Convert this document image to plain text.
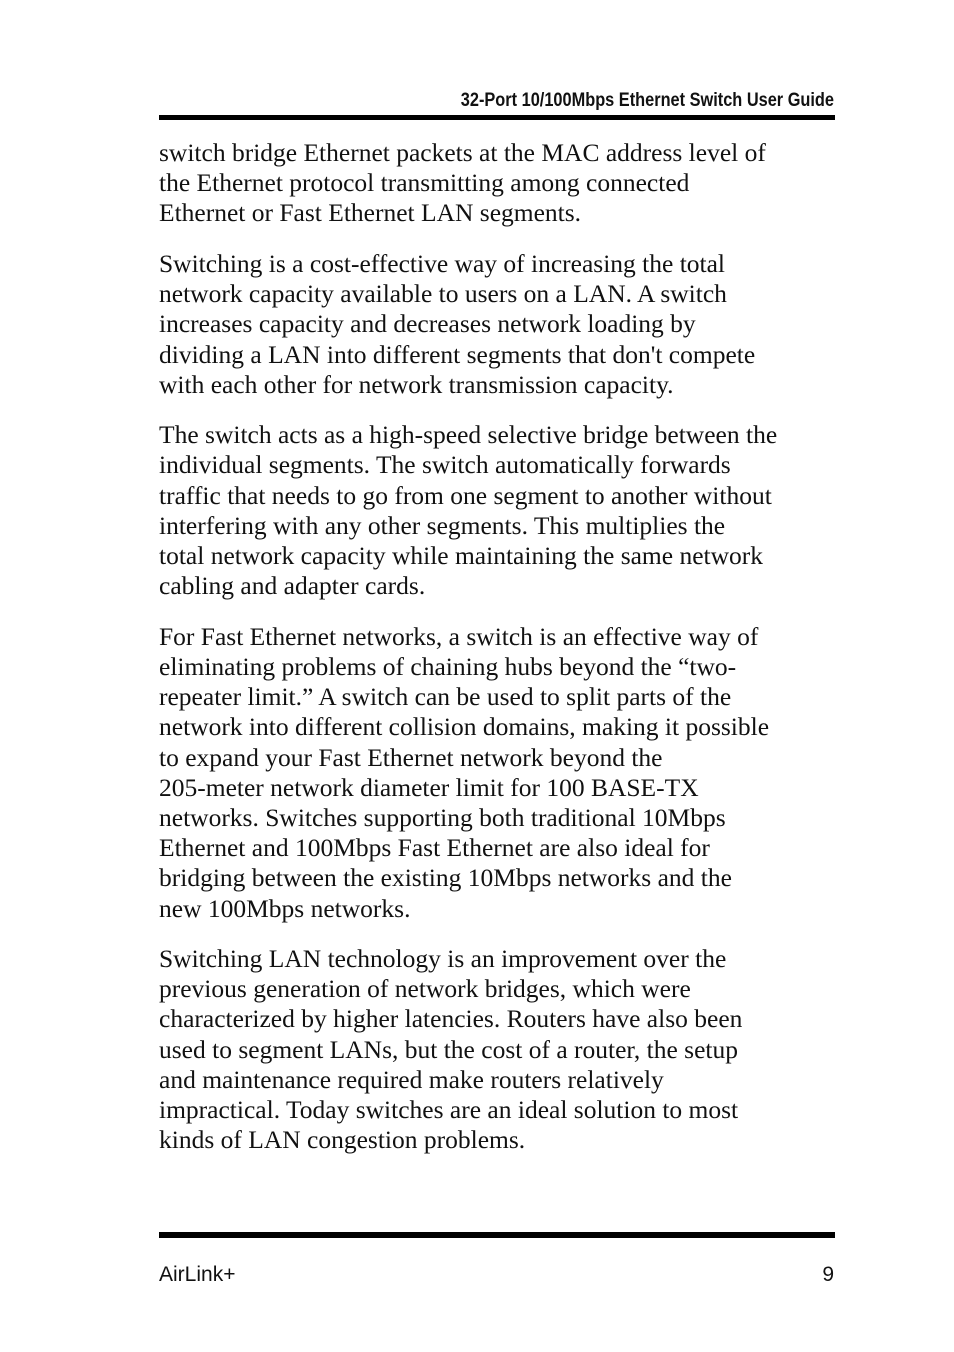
32-Port 10/100Mbps Ethernet Switch User Guide

switch bridge Ethernet packets at the MAC address level of
the Ethernet protocol transmitting among connected
Ethernet or Fast Ethernet LAN segments.

Switching is a cost-effective way of increasing the total
network capacity available to users on a LAN. A switch
increases capacity and decreases network loading by
dividing a LAN into different segments that don't compete
with each other for network transmission capacity.

The switch acts as a high-speed selective bridge between the
individual segments. The switch automatically forwards
traffic that needs to go from one segment to another without
interfering with any other segments. This multiplies the
total network capacity while maintaining the same network
cabling and adapter cards.

For Fast Ethernet networks, a switch is an effective way of
eliminating problems of chaining hubs beyond the “two-
repeater limit.” A switch can be used to split parts of the
network into different collision domains, making it possible
to expand your Fast Ethernet network beyond the
205-meter network diameter limit for 100 BASE-TX
networks. Switches supporting both traditional 10Mbps
Ethernet and 100Mbps Fast Ethernet are also ideal for
bridging between the existing 10Mbps networks and the
new 100Mbps networks.

Switching LAN technology is an improvement over the
previous generation of network bridges, which were
characterized by higher latencies. Routers have also been
used to segment LANs, but the cost of a router, the setup
and maintenance required make routers relatively
impractical. Today switches are an ideal solution to most
kinds of LAN congestion problems.

AirLink+	9
